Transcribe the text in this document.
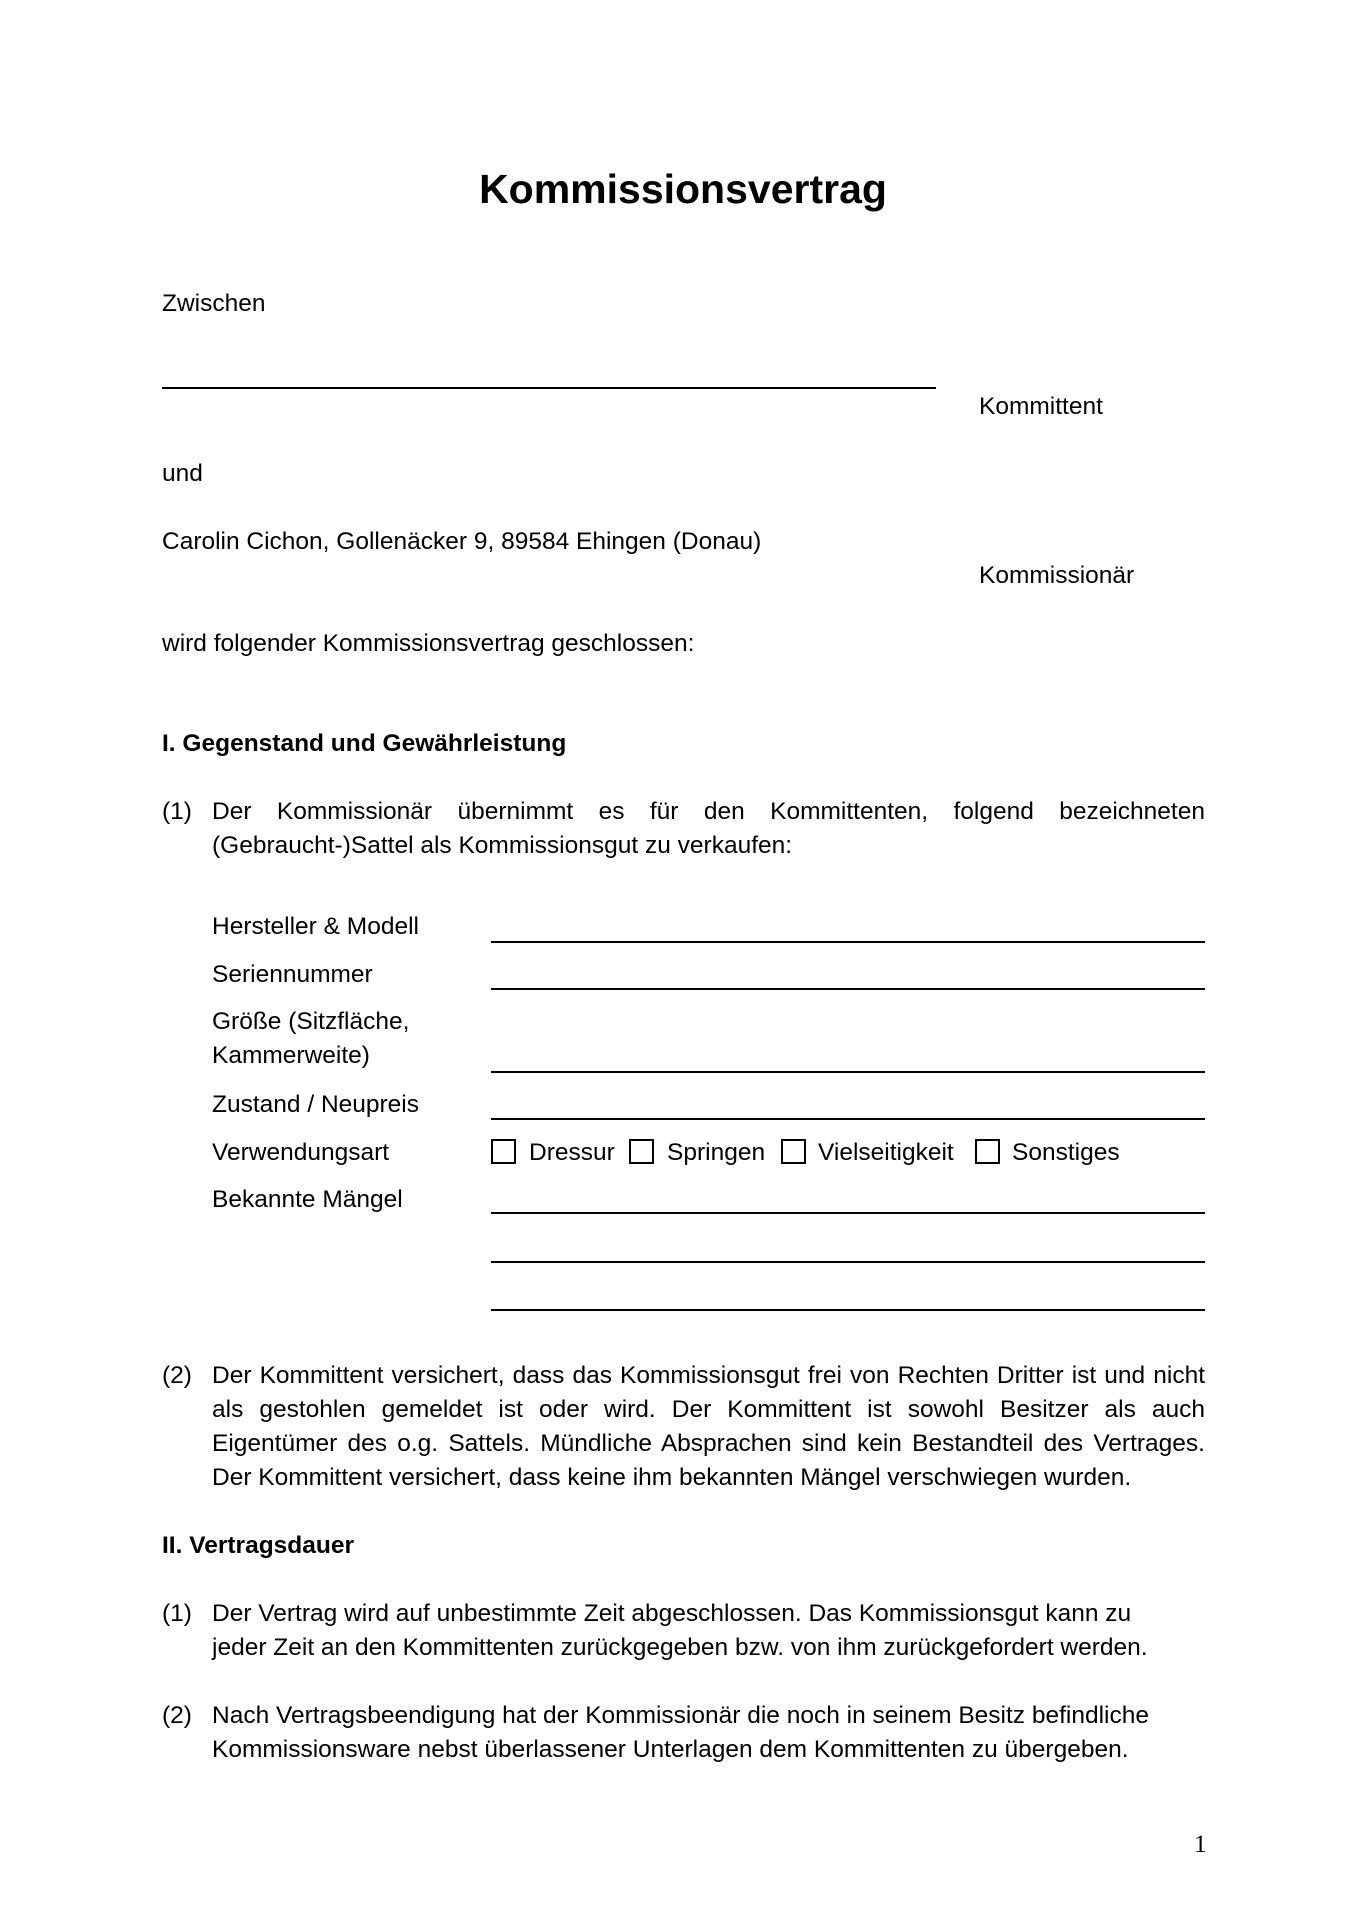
Kommissionsvertrag
Zwischen
Kommittent
und
Carolin Cichon, Gollenäcker 9, 89584 Ehingen (Donau)
Kommissionär
wird folgender Kommissionsvertrag geschlossen:
I. Gegenstand und Gewährleistung
(1) Der Kommissionär übernimmt es für den Kommittenten, folgend bezeichneten (Gebraucht-)Sattel als Kommissionsgut zu verkaufen:
Hersteller & Modell
Seriennummer
Größe (Sitzfläche,
Kammerweite)
Zustand / Neupreis
Verwendungsart	Dressur Springen Vielseitigkeit Sonstiges
Bekannte Mängel
(2) Der Kommittent versichert, dass das Kommissionsgut frei von Rechten Dritter ist und nicht als gestohlen gemeldet ist oder wird. Der Kommittent ist sowohl Besitzer als auch Eigentümer des o.g. Sattels. Mündliche Absprachen sind kein Bestandteil des Vertrages. Der Kommittent versichert, dass keine ihm bekannten Mängel verschwiegen wurden.
II. Vertragsdauer
(1) Der Vertrag wird auf unbestimmte Zeit abgeschlossen. Das Kommissionsgut kann zu
jeder Zeit an den Kommittenten zurückgegeben bzw. von ihm zurückgefordert werden.
(2) Nach Vertragsbeendigung hat der Kommissionär die noch in seinem Besitz befindliche
Kommissionsware nebst überlassener Unterlagen dem Kommittenten zu übergeben.
1
